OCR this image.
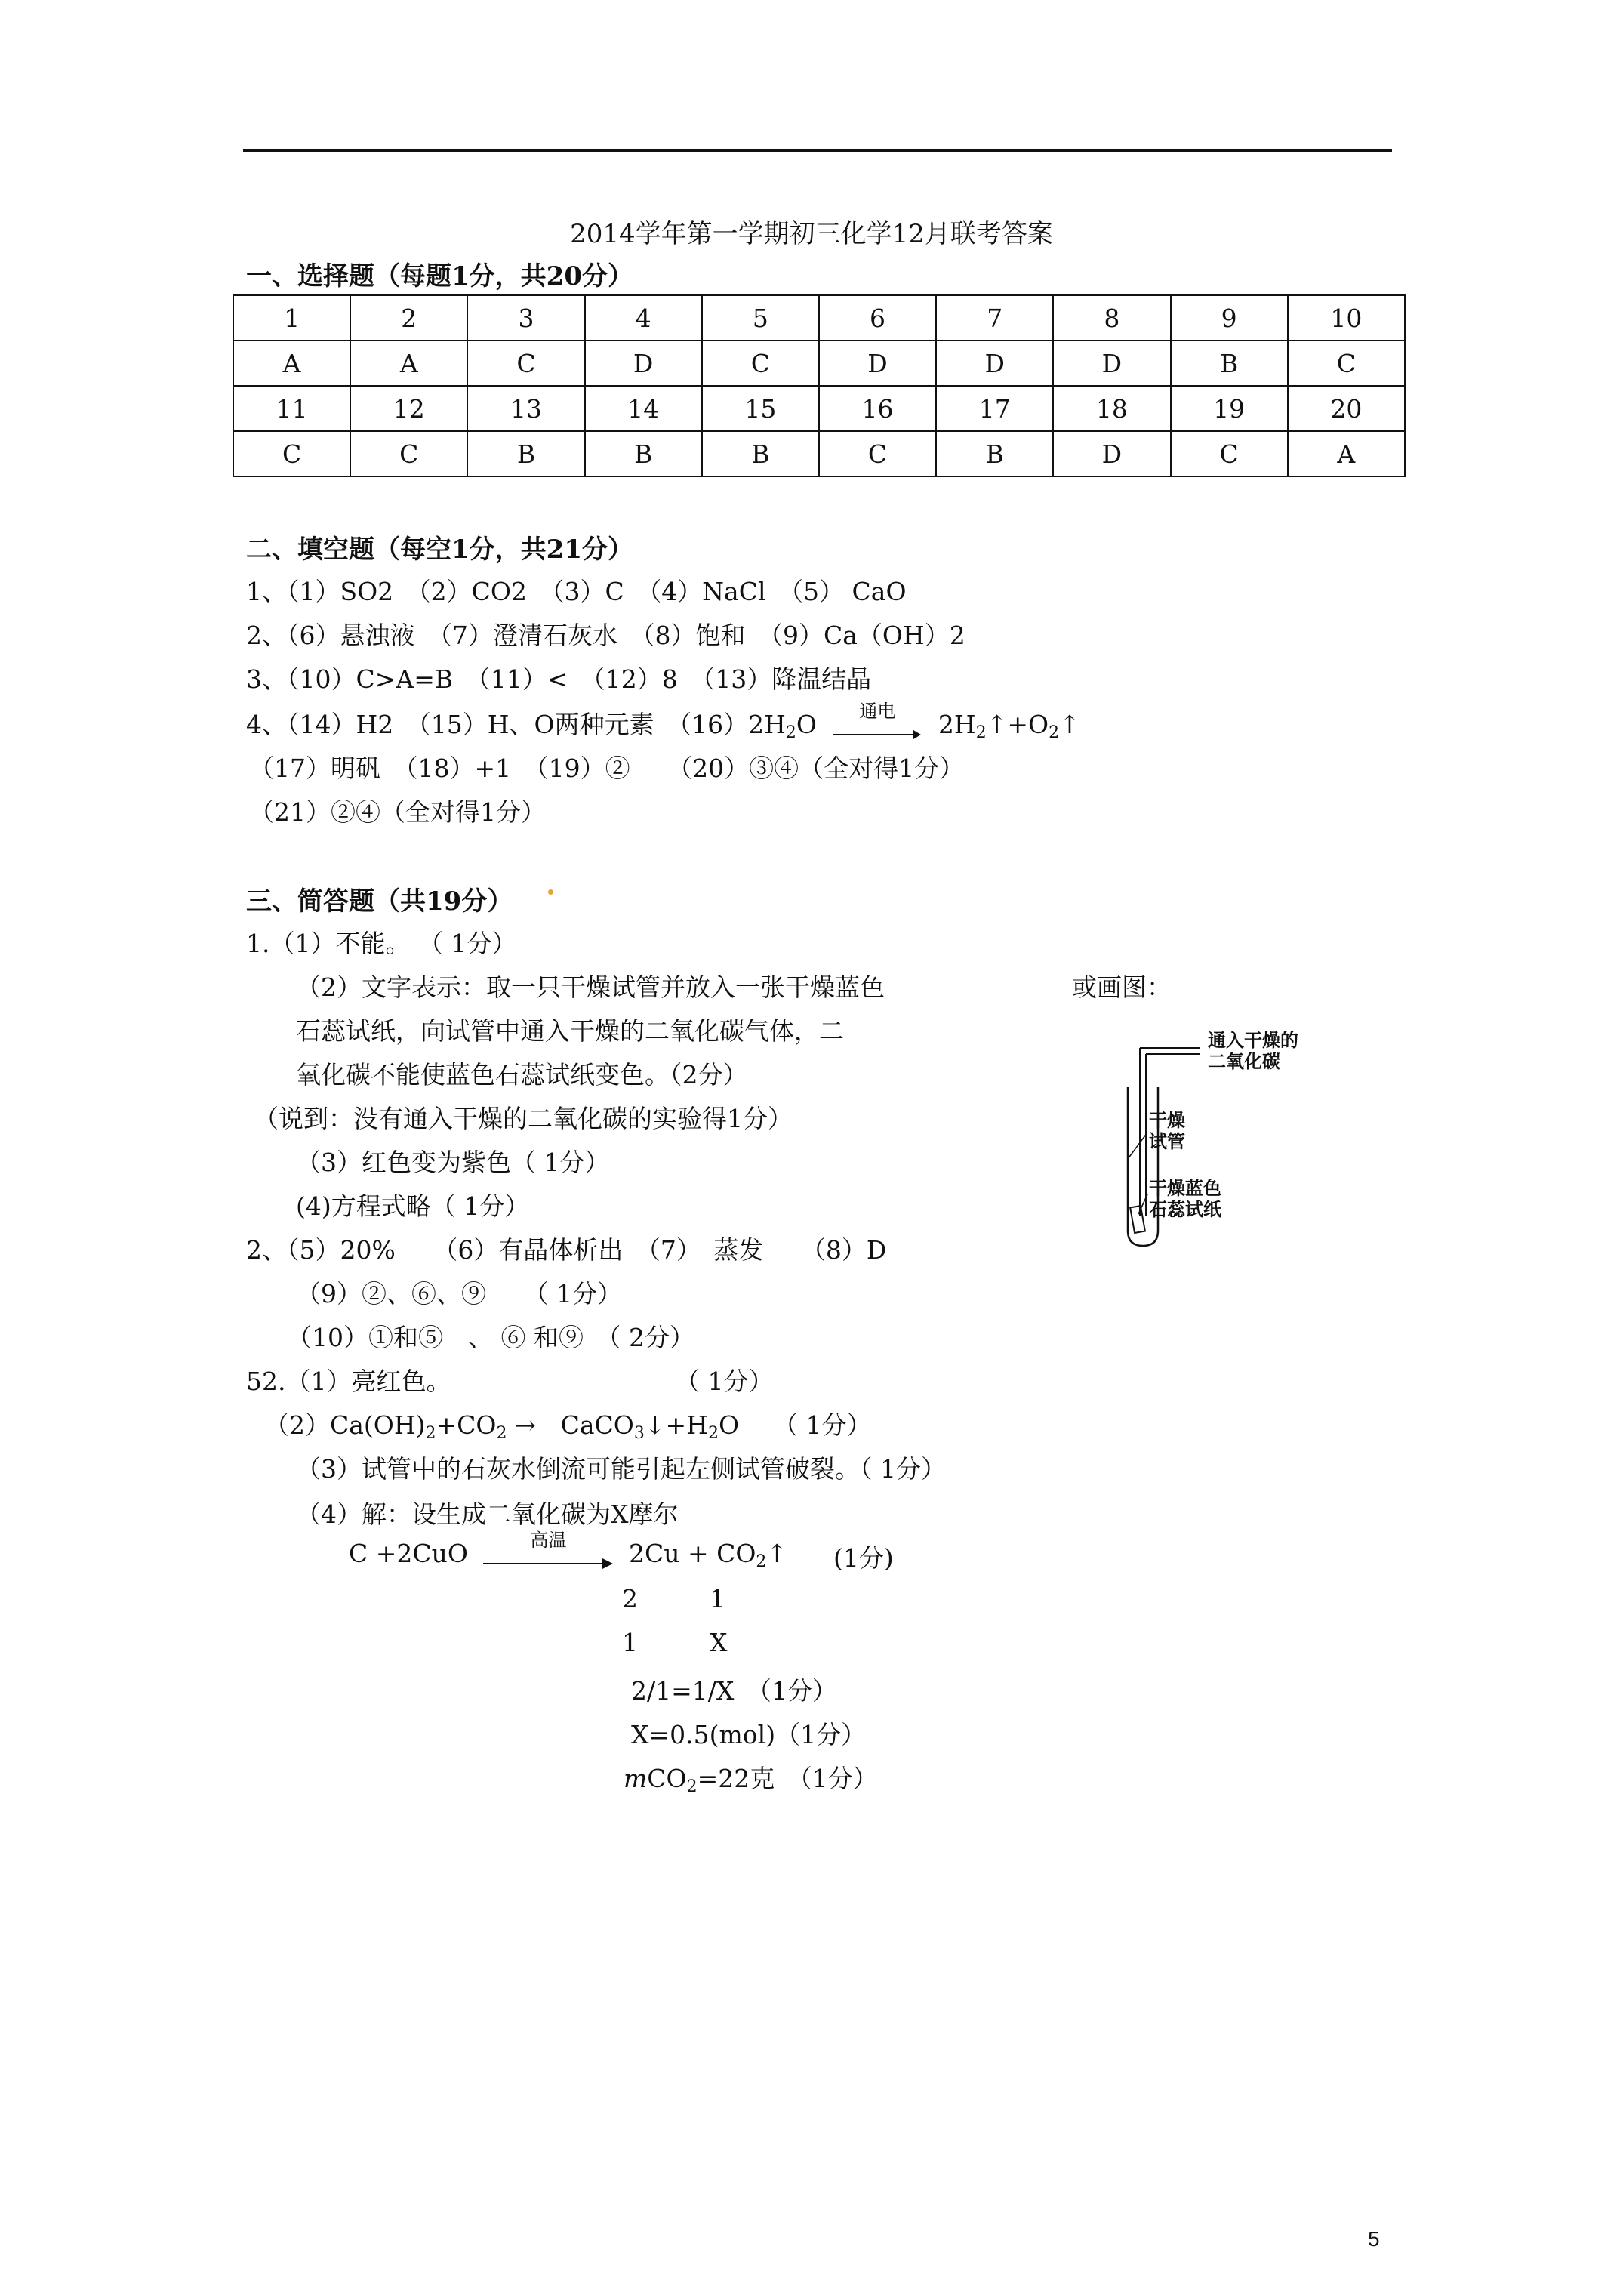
2014学年第一学期初三化学12月联考答案
一、选择题（每题1分，共20分）
1	2	3	4	5	6	7	8	9	10
A	A	C	D	C	D	D	D	B	C
11	12	13	14	15	16	17	18	19	20
C	C	B	B	B	C	B	D	C	A
二、填空题（每空1分，共21分）
1、（1）SO2　（2）CO2　（3）C　（4）NaCl　（5） CaO
2、（6）悬浊液　（7）澄清石灰水　（8）饱和　（9）Ca（OH）2
3、（10）C>A=B　（11）<　（12）8　（13）降温结晶
4、（14）H2　（15）H、O两种元素　$(16)2H_2O$	通电	$2H_2↑+O_2↑$
（17）明矾　（18）+1　（19）②　　（20）③④（全对得1分）
（21）②④（全对得1分）
三、简答题（共19分）
1.（1）不能。 （ 1分）
（2）文字表示：取一只干燥试管并放入一张干燥蓝色	或画图：
石蕊试纸，向试管中通入干燥的二氧化碳气体，二
氧化碳不能使蓝色石蕊试纸变色。（2分）
（说到：没有通入干燥的二氧化碳的实验得1分）
（3）红色变为紫色（ 1分）
(4)方程式略（ 1分）
通入干燥的
二氧化碳
干燥
试管
干燥蓝色
石蕊试纸
2、（5）20%　　（6）有晶体析出　（7）　蒸发　　（8）D
（9）②、⑥、⑨　　（ 1分）
（10）①和⑤　、 ⑥ 和⑨　（ 2分）
52.（1）亮红色。	（ 1分）
$(2)Ca(OH)_2+CO_2$ →　$CaCO_3↓+H_2O$ （ 1分）
（3）试管中的石灰水倒流可能引起左侧试管破裂。（ 1分）
（4）解：设生成二氧化碳为X摩尔
C +2CuO	高温	$2Cu + CO_2↑$ (1分)
2	1
1	X
2/1=1/X　（1分）
X=0.5(mol)（1分）
mCO$_2$=22克　（1分）
5
